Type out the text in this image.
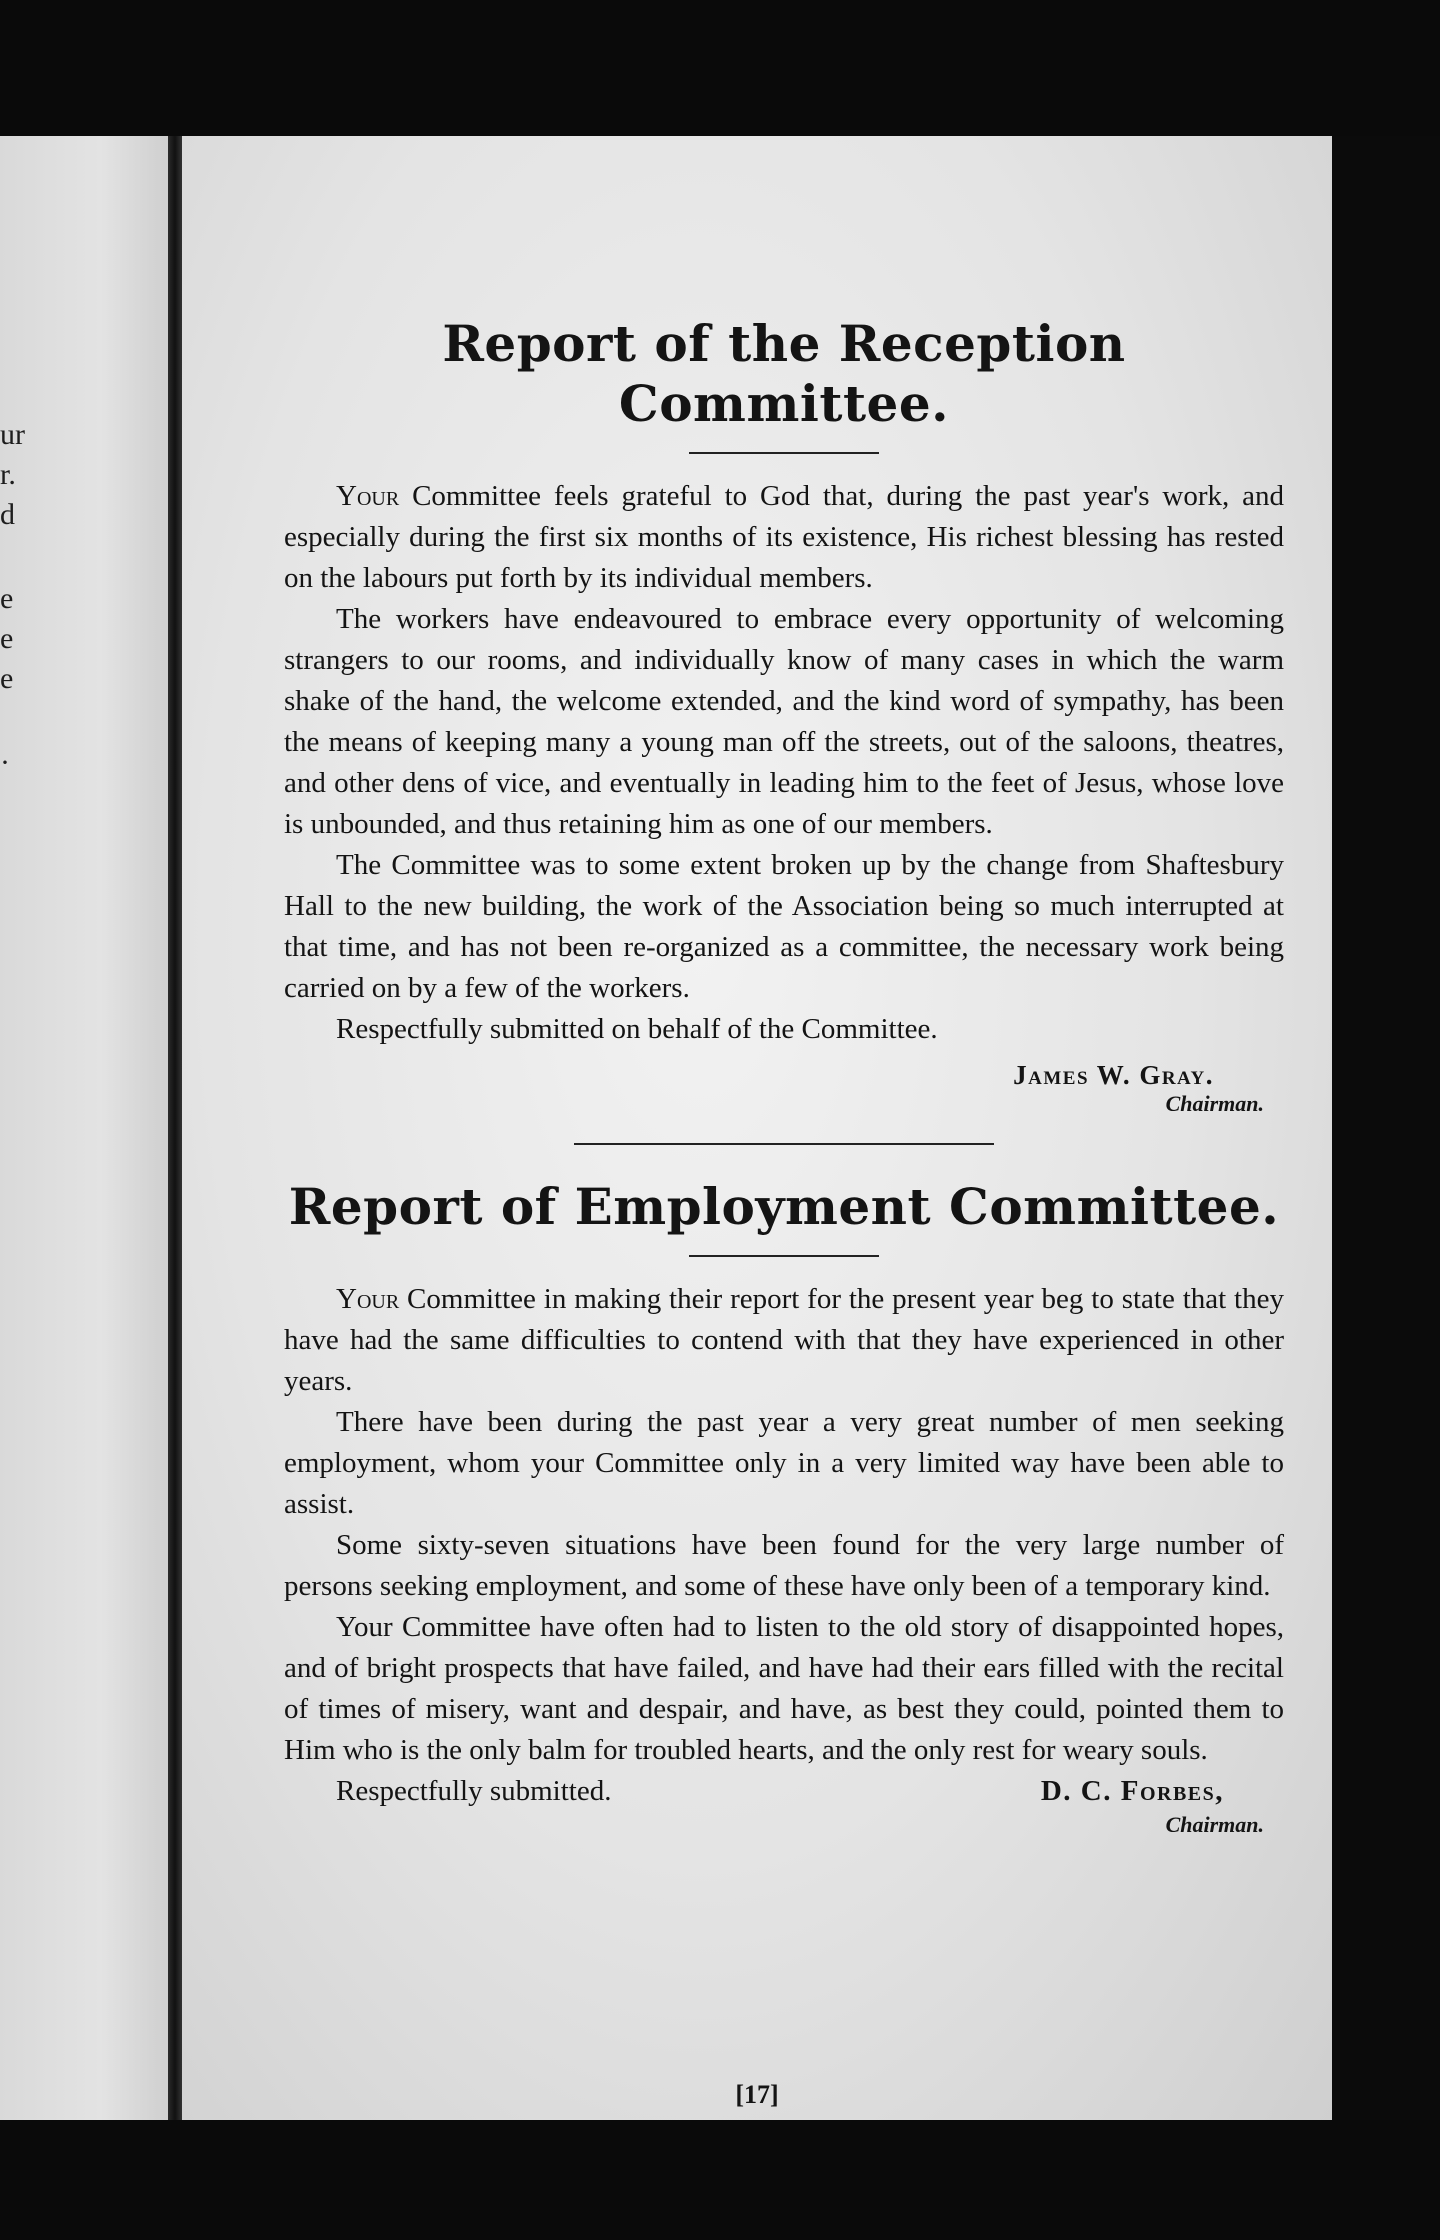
ur
r.
d
e
e
e
·
Report of the Reception Committee.

Your Committee feels grateful to God that, during the past year's work, and especially during the first six months of its existence, His richest blessing has rested on the labours put forth by its individual members.

The workers have endeavoured to embrace every opportunity of welcoming strangers to our rooms, and individually know of many cases in which the warm shake of the hand, the welcome extended, and the kind word of sympathy, has been the means of keeping many a young man off the streets, out of the saloons, theatres, and other dens of vice, and eventually in leading him to the feet of Jesus, whose love is unbounded, and thus retaining him as one of our members.

The Committee was to some extent broken up by the change from Shaftesbury Hall to the new building, the work of the Association being so much interrupted at that time, and has not been re-organized as a committee, the necessary work being carried on by a few of the workers.

Respectfully submitted on behalf of the Committee.

James W. Gray.
Chairman.
Report of Employment Committee.

Your Committee in making their report for the present year beg to state that they have had the same difficulties to contend with that they have experienced in other years.

There have been during the past year a very great number of men seeking employment, whom your Committee only in a very limited way have been able to assist.

Some sixty-seven situations have been found for the very large number of persons seeking employment, and some of these have only been of a temporary kind.

Your Committee have often had to listen to the old story of disappointed hopes, and of bright prospects that have failed, and have had their ears filled with the recital of times of misery, want and despair, and have, as best they could, pointed them to Him who is the only balm for troubled hearts, and the only rest for weary souls.

Respectfully submitted.	D. C. Forbes,
Chairman.
[17]
